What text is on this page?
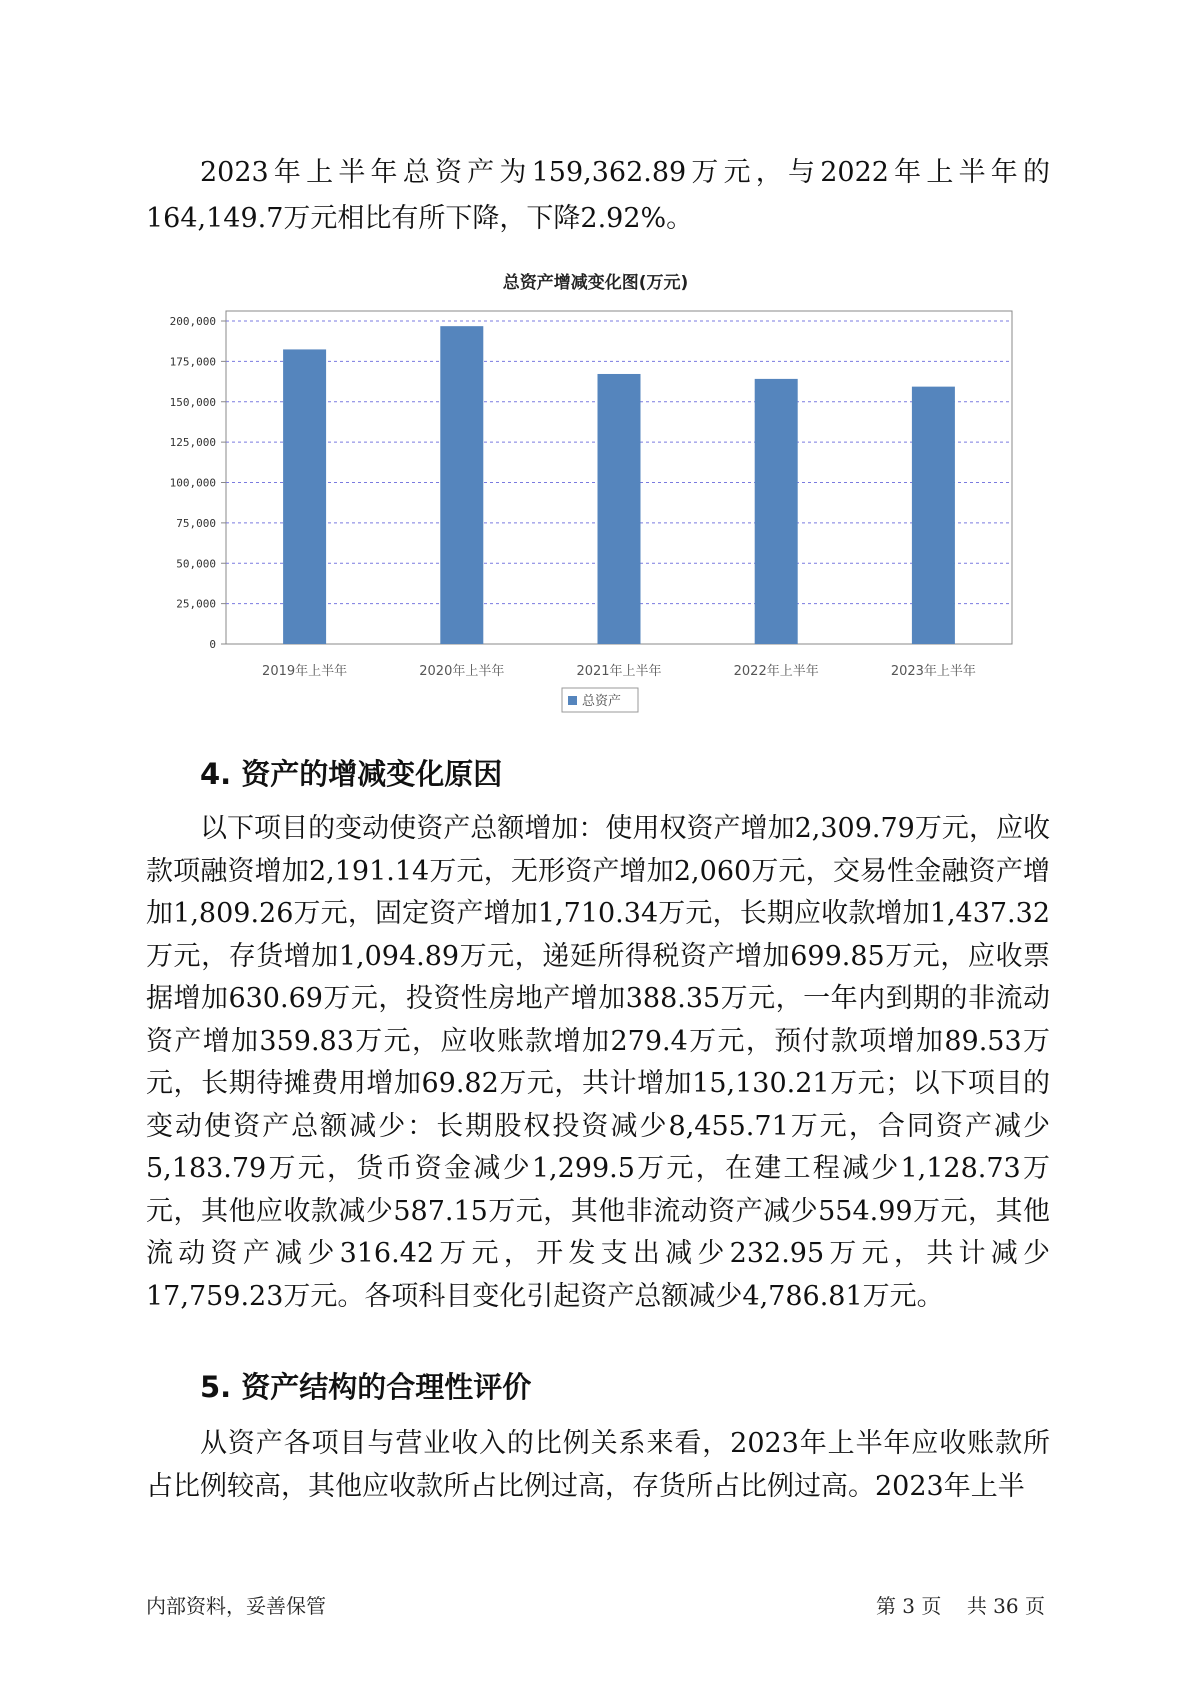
2023年上半年总资产为159,362.89万元，与2022年上半年的164,149.7万元相比有所下降，下降2.92%。

总资产增减变化图(万元)
0
25,000
50,000
75,000
100,000
125,000
150,000
175,000
200,000
2019年上半年	2020年上半年	2021年上半年	2022年上半年	2023年上半年
总资产
4. 资产的增减变化原因

以下项目的变动使资产总额增加：使用权资产增加2,309.79万元，应收款项融资增加2,191.14万元，无形资产增加2,060万元，交易性金融资产增加1,809.26万元，固定资产增加1,710.34万元，长期应收款增加1,437.32万元，存货增加1,094.89万元，递延所得税资产增加699.85万元，应收票据增加630.69万元，投资性房地产增加388.35万元，一年内到期的非流动资产增加359.83万元，应收账款增加279.4万元，预付款项增加89.53万元，长期待摊费用增加69.82万元，共计增加15,130.21万元；以下项目的变动使资产总额减少：长期股权投资减少8,455.71万元，合同资产减少5,183.79万元，货币资金减少1,299.5万元，在建工程减少1,128.73万元，其他应收款减少587.15万元，其他非流动资产减少554.99万元，其他流动资产减少316.42万元，开发支出减少232.95万元，共计减少17,759.23万元。各项科目变化引起资产总额减少4,786.81万元。

5. 资产结构的合理性评价

从资产各项目与营业收入的比例关系来看，2023年上半年应收账款所占比例较高，其他应收款所占比例过高，存货所占比例过高。2023年上半

内部资料，妥善保管	第 3 页 共 36 页
